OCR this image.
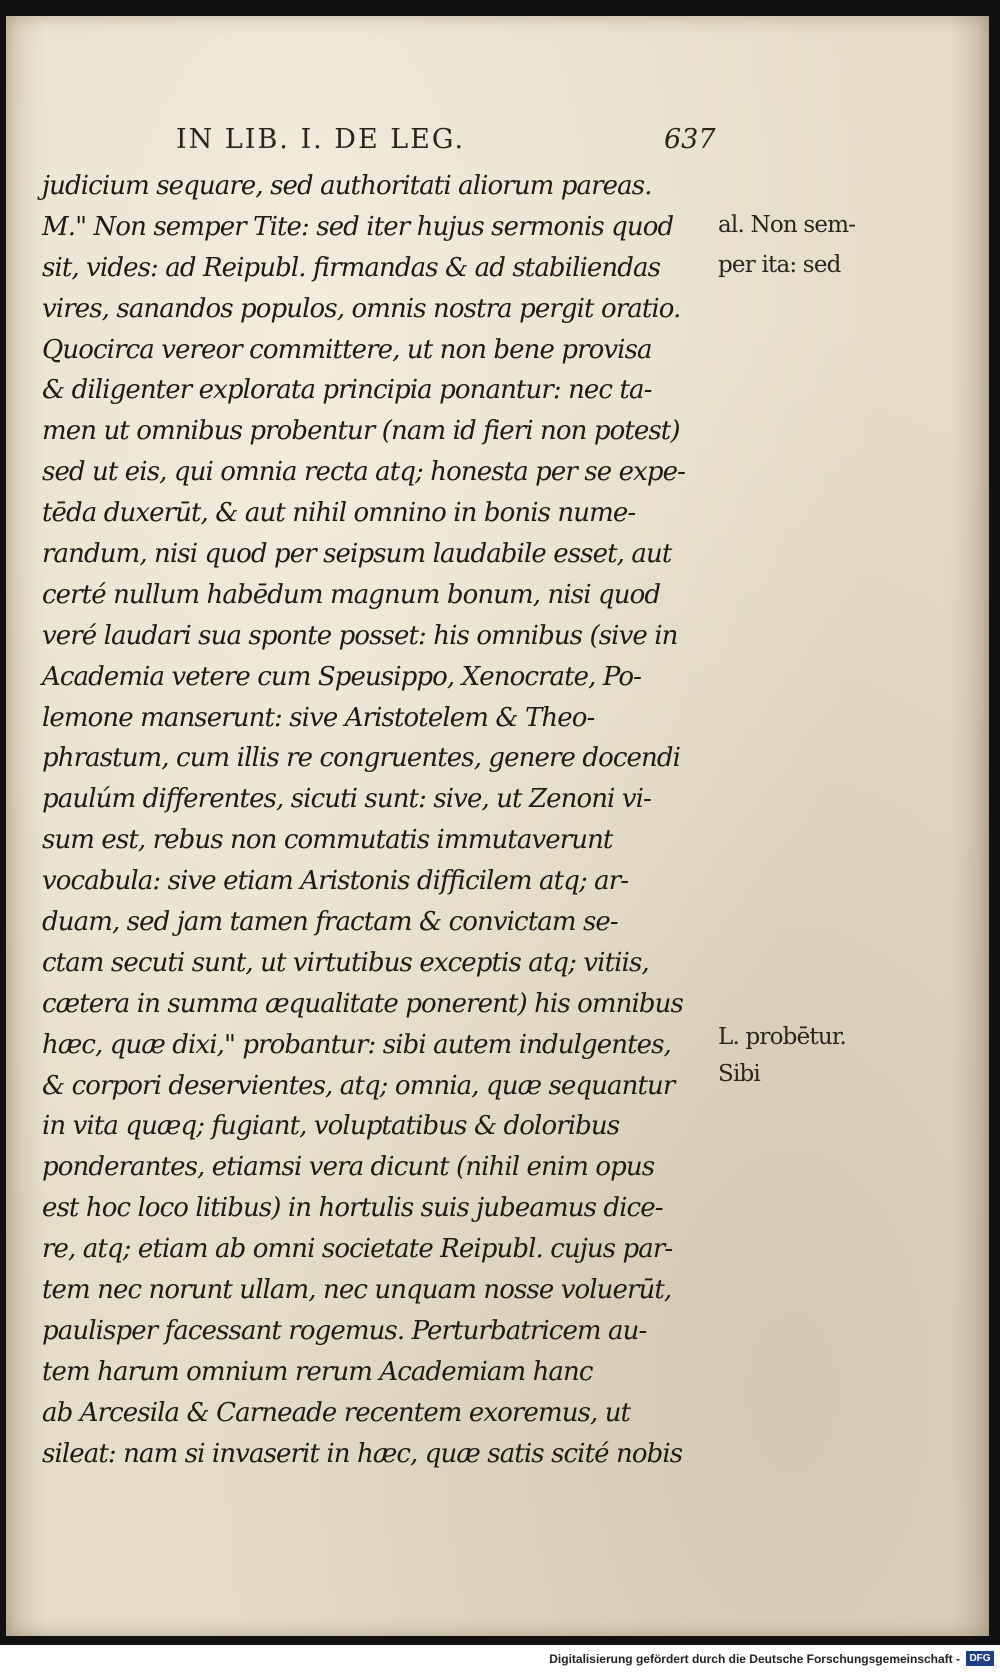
IN LIB. I. DE LEG.	637
judicium sequare, sed authoritati aliorum pareas.
M." Non semper Tite: sed iter hujus sermonis quod
sit, vides: ad Reipubl. firmandas & ad stabiliendas
vires, sanandos populos, omnis nostra pergit oratio.
Quocirca vereor committere, ut non bene provisa
& diligenter explorata principia ponantur: nec ta-
men ut omnibus probentur (nam id fieri non potest)
sed ut eis, qui omnia recta atq; honesta per se expe-
tēda duxerūt, & aut nihil omnino in bonis nume-
randum, nisi quod per seipsum laudabile esset, aut
certé nullum habēdum magnum bonum, nisi quod
veré laudari sua sponte posset: his omnibus (sive in
Academia vetere cum Speusippo, Xenocrate, Po-
lemone manserunt: sive Aristotelem & Theo-
phrastum, cum illis re congruentes, genere docendi
paulúm differentes, sicuti sunt: sive, ut Zenoni vi-
sum est, rebus non commutatis immutaverunt
vocabula: sive etiam Aristonis difficilem atq; ar-
duam, sed jam tamen fractam & convictam se-
ctam secuti sunt, ut virtutibus exceptis atq; vitiis,
cætera in summa æqualitate ponerent) his omnibus
hæc, quæ dixi," probantur: sibi autem indulgentes,
& corpori deservientes, atq; omnia, quæ sequantur
in vita quæq; fugiant, voluptatibus & doloribus
ponderantes, etiamsi vera dicunt (nihil enim opus
est hoc loco litibus) in hortulis suis jubeamus dice-
re, atq; etiam ab omni societate Reipubl. cujus par-
tem nec norunt ullam, nec unquam nosse voluerūt,
paulisper facessant rogemus. Perturbatricem au-
tem harum omnium rerum Academiam hanc
ab Arcesila & Carneade recentem exoremus, ut
sileat: nam si invaserit in hæc, quæ satis scité nobis
al. Non sem-
per ita: sed
L. probētur.
Sibi
Digitalisierung gefördert durch die Deutsche Forschungsgemeinschaft - DFG
